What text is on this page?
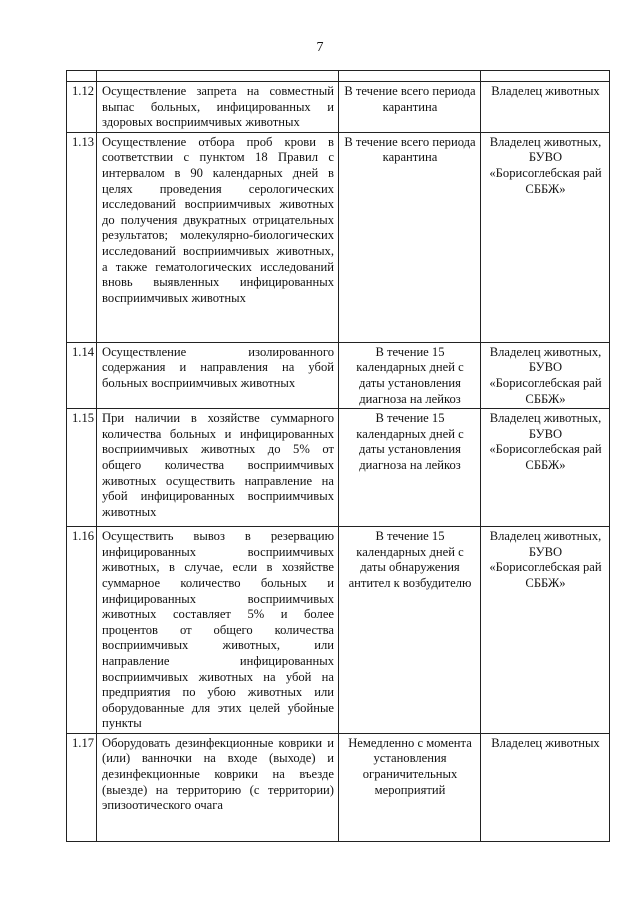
7

1.12	Осуществление запрета на совместный выпас больных, инфицированных и здоровых восприимчивых животных	В течение всего периода карантина	Владелец животных
1.13	Осуществление отбора проб крови в соответствии с пунктом 18 Правил с интервалом в 90 календарных дней в целях проведения серологических исследований восприимчивых животных до получения двукратных отрицательных результатов; молекулярно-биологических исследований восприимчивых животных, а также гематологических исследований вновь выявленных инфицированных восприимчивых животных	В течение всего периода карантина	Владелец животных, БУВО «Борисоглебская рай СББЖ»
1.14	Осуществление изолированного содержания и направления на убой больных восприимчивых животных	В течение 15 календарных дней с даты установления диагноза на лейкоз	Владелец животных, БУВО «Борисоглебская рай СББЖ»
1.15	При наличии в хозяйстве суммарного количества больных и инфицированных восприимчивых животных до 5% от общего количества восприимчивых животных осуществить направление на убой инфицированных восприимчивых животных	В течение 15 календарных дней с даты установления диагноза на лейкоз	Владелец животных, БУВО «Борисоглебская рай СББЖ»
1.16	Осуществить вывоз в резервацию инфицированных восприимчивых животных, в случае, если в хозяйстве суммарное количество больных и инфицированных восприимчивых животных составляет 5% и более процентов от общего количества восприимчивых животных, или направление инфицированных восприимчивых животных на убой на предприятия по убою животных или оборудованные для этих целей убойные пункты	В течение 15 календарных дней с даты обнаружения антител к возбудителю	Владелец животных, БУВО «Борисоглебская рай СББЖ»
1.17	Оборудовать дезинфекционные коврики и (или) ванночки на входе (выходе) и дезинфекционные коврики на въезде (выезде) на территорию (с территории) эпизоотического очага	Немедленно с момента установления ограничительных мероприятий	Владелец животных
